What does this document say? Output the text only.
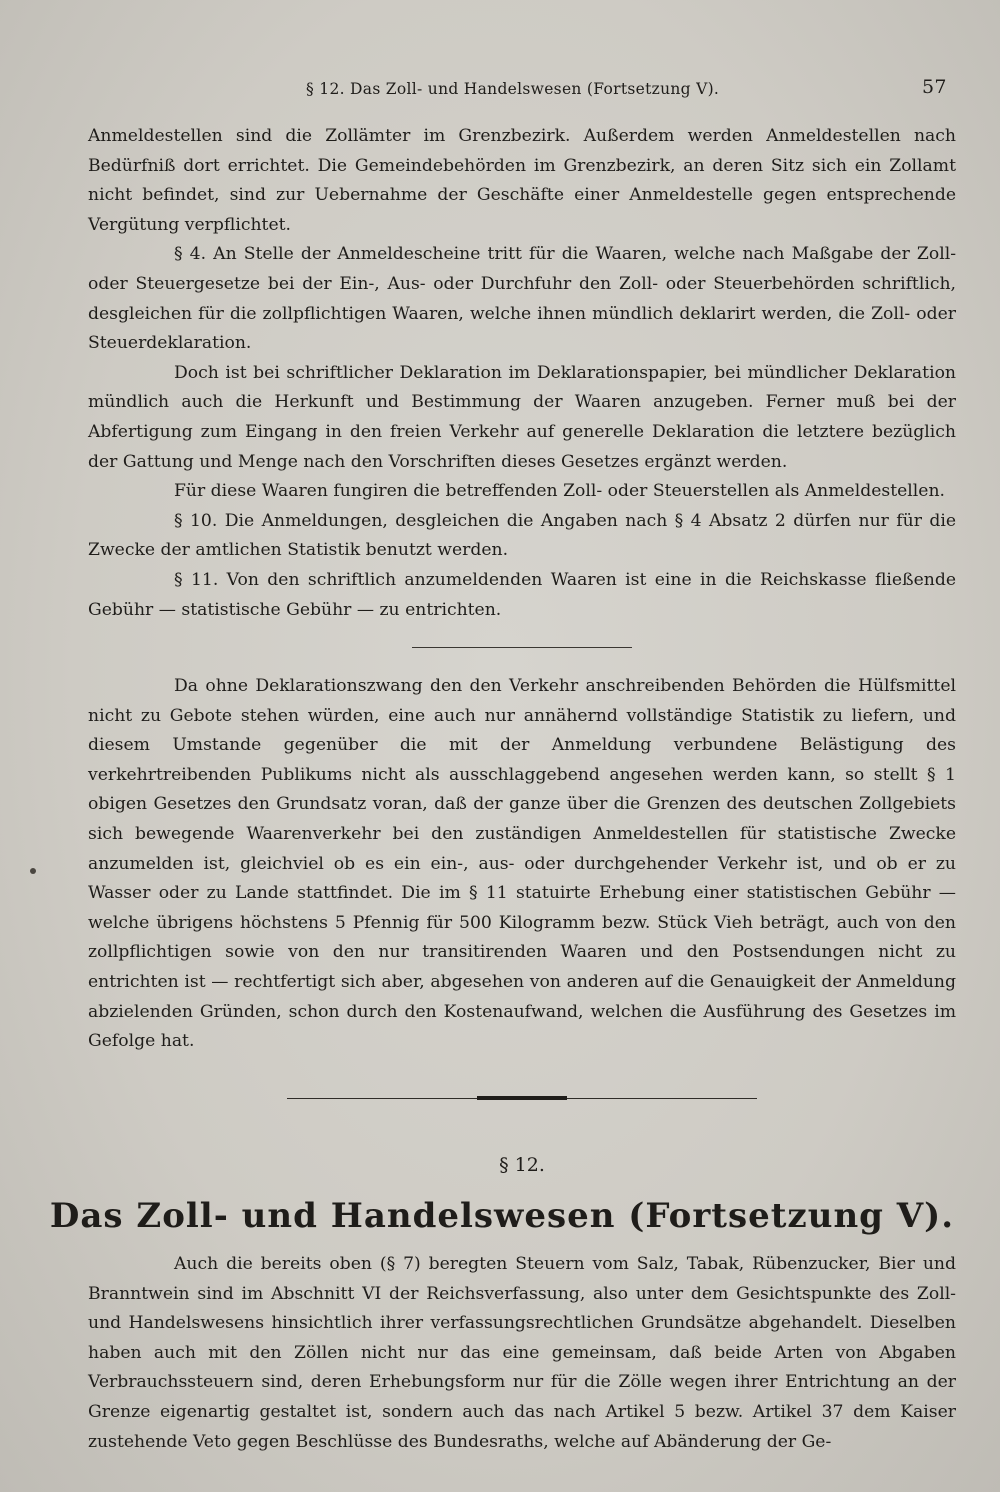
§ 12. Das Zoll- und Handelswesen (Fortsetzung V).	57

Anmeldestellen sind die Zollämter im Grenzbezirk. Außerdem werden Anmeldestellen nach Bedürfniß dort errichtet. Die Gemeindebehörden im Grenzbezirk, an deren Sitz sich ein Zollamt nicht befindet, sind zur Uebernahme der Geschäfte einer Anmeldestelle gegen entsprechende Vergütung verpflichtet.

§ 4. An Stelle der Anmeldescheine tritt für die Waaren, welche nach Maßgabe der Zoll- oder Steuergesetze bei der Ein-, Aus- oder Durchfuhr den Zoll- oder Steuerbehörden schriftlich, desgleichen für die zollpflichtigen Waaren, welche ihnen mündlich deklarirt werden, die Zoll- oder Steuerdeklaration.

Doch ist bei schriftlicher Deklaration im Deklarationspapier, bei mündlicher Deklaration mündlich auch die Herkunft und Bestimmung der Waaren anzugeben. Ferner muß bei der Abfertigung zum Eingang in den freien Verkehr auf generelle Deklaration die letztere bezüglich der Gattung und Menge nach den Vorschriften dieses Gesetzes ergänzt werden.

Für diese Waaren fungiren die betreffenden Zoll- oder Steuerstellen als Anmeldestellen.

§ 10. Die Anmeldungen, desgleichen die Angaben nach § 4 Absatz 2 dürfen nur für die Zwecke der amtlichen Statistik benutzt werden.

§ 11. Von den schriftlich anzumeldenden Waaren ist eine in die Reichskasse fließende Gebühr — statistische Gebühr — zu entrichten.

Da ohne Deklarationszwang den den Verkehr anschreibenden Behörden die Hülfsmittel nicht zu Gebote stehen würden, eine auch nur annähernd vollständige Statistik zu liefern, und diesem Umstande gegenüber die mit der Anmeldung verbundene Belästigung des verkehrtreibenden Publikums nicht als ausschlaggebend angesehen werden kann, so stellt § 1 obigen Gesetzes den Grundsatz voran, daß der ganze über die Grenzen des deutschen Zollgebiets sich bewegende Waarenverkehr bei den zuständigen Anmeldestellen für statistische Zwecke anzumelden ist, gleichviel ob es ein ein-, aus- oder durchgehender Verkehr ist, und ob er zu Wasser oder zu Lande stattfindet. Die im § 11 statuirte Erhebung einer statistischen Gebühr — welche übrigens höchstens 5 Pfennig für 500 Kilogramm bezw. Stück Vieh beträgt, auch von den zollpflichtigen sowie von den nur transitirenden Waaren und den Postsendungen nicht zu entrichten ist — rechtfertigt sich aber, abgesehen von anderen auf die Genauigkeit der Anmeldung abzielenden Gründen, schon durch den Kostenaufwand, welchen die Ausführung des Gesetzes im Gefolge hat.

§ 12.
Das Zoll- und Handelswesen (Fortsetzung V).

Auch die bereits oben (§ 7) beregten Steuern vom Salz, Tabak, Rübenzucker, Bier und Branntwein sind im Abschnitt VI der Reichsverfassung, also unter dem Gesichtspunkte des Zoll- und Handelswesens hinsichtlich ihrer verfassungsrechtlichen Grundsätze abgehandelt. Dieselben haben auch mit den Zöllen nicht nur das eine gemeinsam, daß beide Arten von Abgaben Verbrauchssteuern sind, deren Erhebungsform nur für die Zölle wegen ihrer Entrichtung an der Grenze eigenartig gestaltet ist, sondern auch das nach Artikel 5 bezw. Artikel 37 dem Kaiser zustehende Veto gegen Beschlüsse des Bundesraths, welche auf Abänderung der Ge-
